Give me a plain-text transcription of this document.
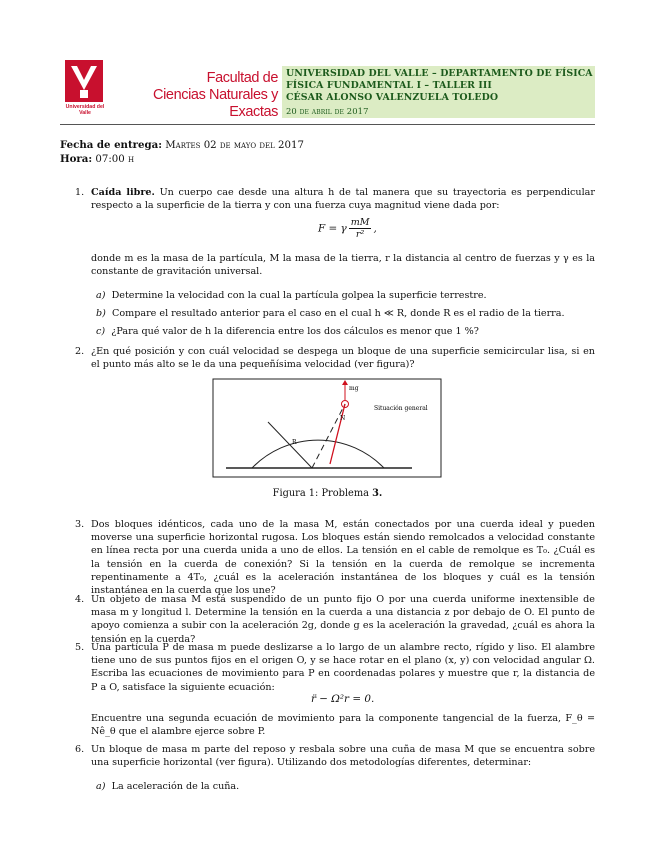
Universidad del Valle
Facultad de
Ciencias Naturales y Exactas
UNIVERSIDAD DEL VALLE – DEPARTAMENTO DE FÍSICA
FÍSICA FUNDAMENTAL I – TALLER III
CÉSAR ALONSO VALENZUELA TOLEDO
20 de abril de 2017
Fecha de entrega: Martes 02 de mayo del 2017
Hora: 07:00 h
1. Caída libre. Un cuerpo cae desde una altura h de tal manera que su trayectoria es perpendicular respecto a la superficie de la tierra y con una fuerza cuya magnitud viene dada por:
F = γ $\frac{mM}{\text{r²}}$ ,
donde m es la masa de la partícula, M la masa de la tierra, r la distancia al centro de fuerzas y γ es la constante de gravitación universal.
a) Determine la velocidad con la cual la partícula golpea la superficie terrestre.
b) Compare el resultado anterior para el caso en el cual h ≪ R, donde R es el radio de la tierra.
c) ¿Para qué valor de h la diferencia entre los dos cálculos es menor que 1 %?
2. ¿En qué posición y con cuál velocidad se despega un bloque de una superficie semicircular lisa, si en el punto más alto se le da una pequeñísima velocidad (ver figura)?
mg
N
R
Situación general
Figura 1: Problema 3.
3. Dos bloques idénticos, cada uno de la masa M, están conectados por una cuerda ideal y pueden moverse una superficie horizontal rugosa. Los bloques están siendo remolcados a velocidad constante en línea recta por una cuerda unida a uno de ellos. La tensión en el cable de remolque es T₀. ¿Cuál es la tensión en la cuerda de conexión? Si la tensión en la cuerda de remolque se incrementa repentinamente a 4T₀, ¿cuál es la aceleración instantánea de los bloques y cuál es la tensión instantánea en la cuerda que los une?
4. Un objeto de masa M está suspendido de un punto fijo O por una cuerda uniforme inextensible de masa m y longitud l. Determine la tensión en la cuerda a una distancia z por debajo de O. El punto de apoyo comienza a subir con la aceleración 2g, donde g es la aceleración la gravedad, ¿cuál es ahora la tensión en la cuerda?
5. Una partícula P de masa m puede deslizarse a lo largo de un alambre recto, rígido y liso. El alambre tiene uno de sus puntos fijos en el origen O, y se hace rotar en el plano (x, y) con velocidad angular Ω. Escriba las ecuaciones de movimiento para P en coordenadas polares y muestre que r, la distancia de P a O, satisface la siguiente ecuación:
r̈ − Ω²r = 0.
Encuentre una segunda ecuación de movimiento para la componente tangencial de la fuerza, F_θ = Nê_θ que el alambre ejerce sobre P.
6. Un bloque de masa m parte del reposo y resbala sobre una cuña de masa M que se encuentra sobre una superficie horizontal (ver figura). Utilizando dos metodologías diferentes, determinar:
a) La aceleración de la cuña.
